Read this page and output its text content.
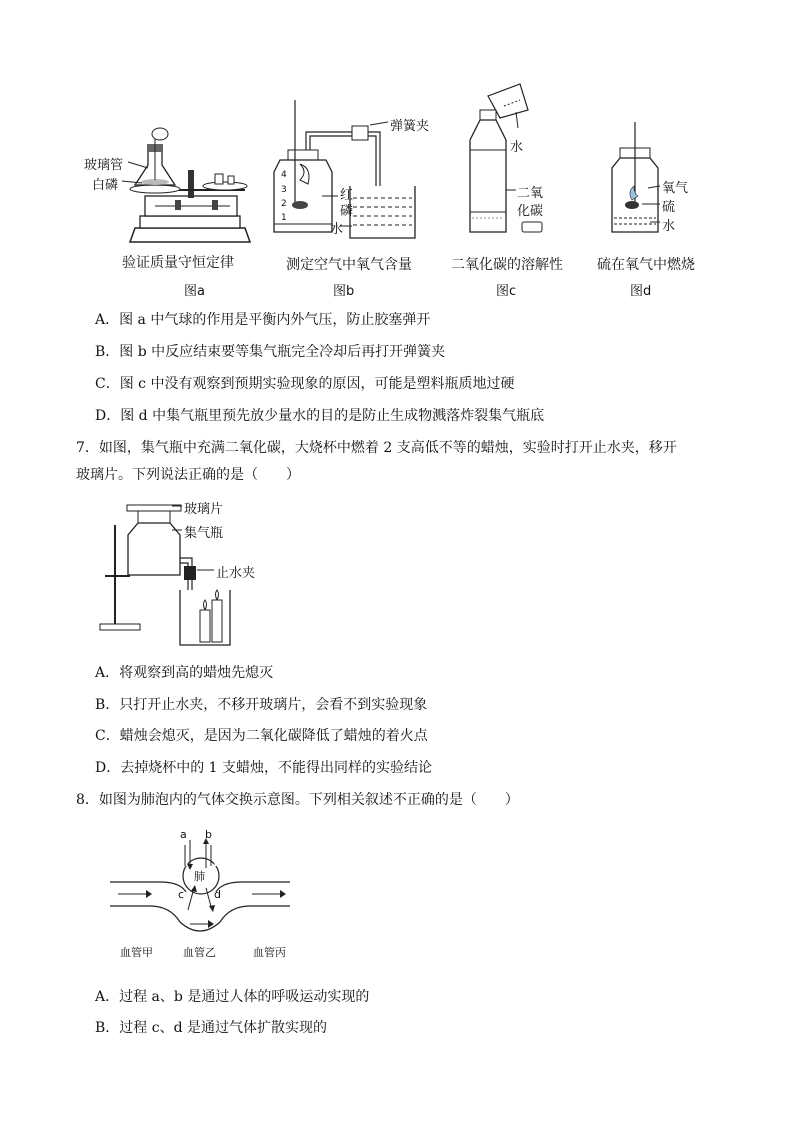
玻璃管
白磷
验证质量守恒定律
图a
4
3
2
1
弹簧夹
红
磷
水
测定空气中氧气含量
图b
水
二氧
化碳
二氧化碳的溶解性
图c
氧气
硫
水
硫在氧气中燃烧
图d
A．图 a 中气球的作用是平衡内外气压，防止胶塞弹开
B．图 b 中反应结束要等集气瓶完全冷却后再打开弹簧夹
C．图 c 中没有观察到预期实验现象的原因，可能是塑料瓶质地过硬
D．图 d 中集气瓶里预先放少量水的目的是防止生成物溅落炸裂集气瓶底
7．如图，集气瓶中充满二氧化碳，大烧杯中燃着 2 支高低不等的蜡烛，实验时打开止水夹，移开
玻璃片。下列说法正确的是（　　）
玻璃片
集气瓶
止水夹
A．将观察到高的蜡烛先熄灭
B．只打开止水夹，不移开玻璃片，会看不到实验现象
C．蜡烛会熄灭，是因为二氧化碳降低了蜡烛的着火点
D．去掉烧杯中的 1 支蜡烛，不能得出同样的实验结论
8．如图为肺泡内的气体交换示意图。下列相关叙述不正确的是（　　）
a b
肺
c	d
血管甲	血管乙	血管丙
A．过程 a、b 是通过人体的呼吸运动实现的
B．过程 c、d 是通过气体扩散实现的
